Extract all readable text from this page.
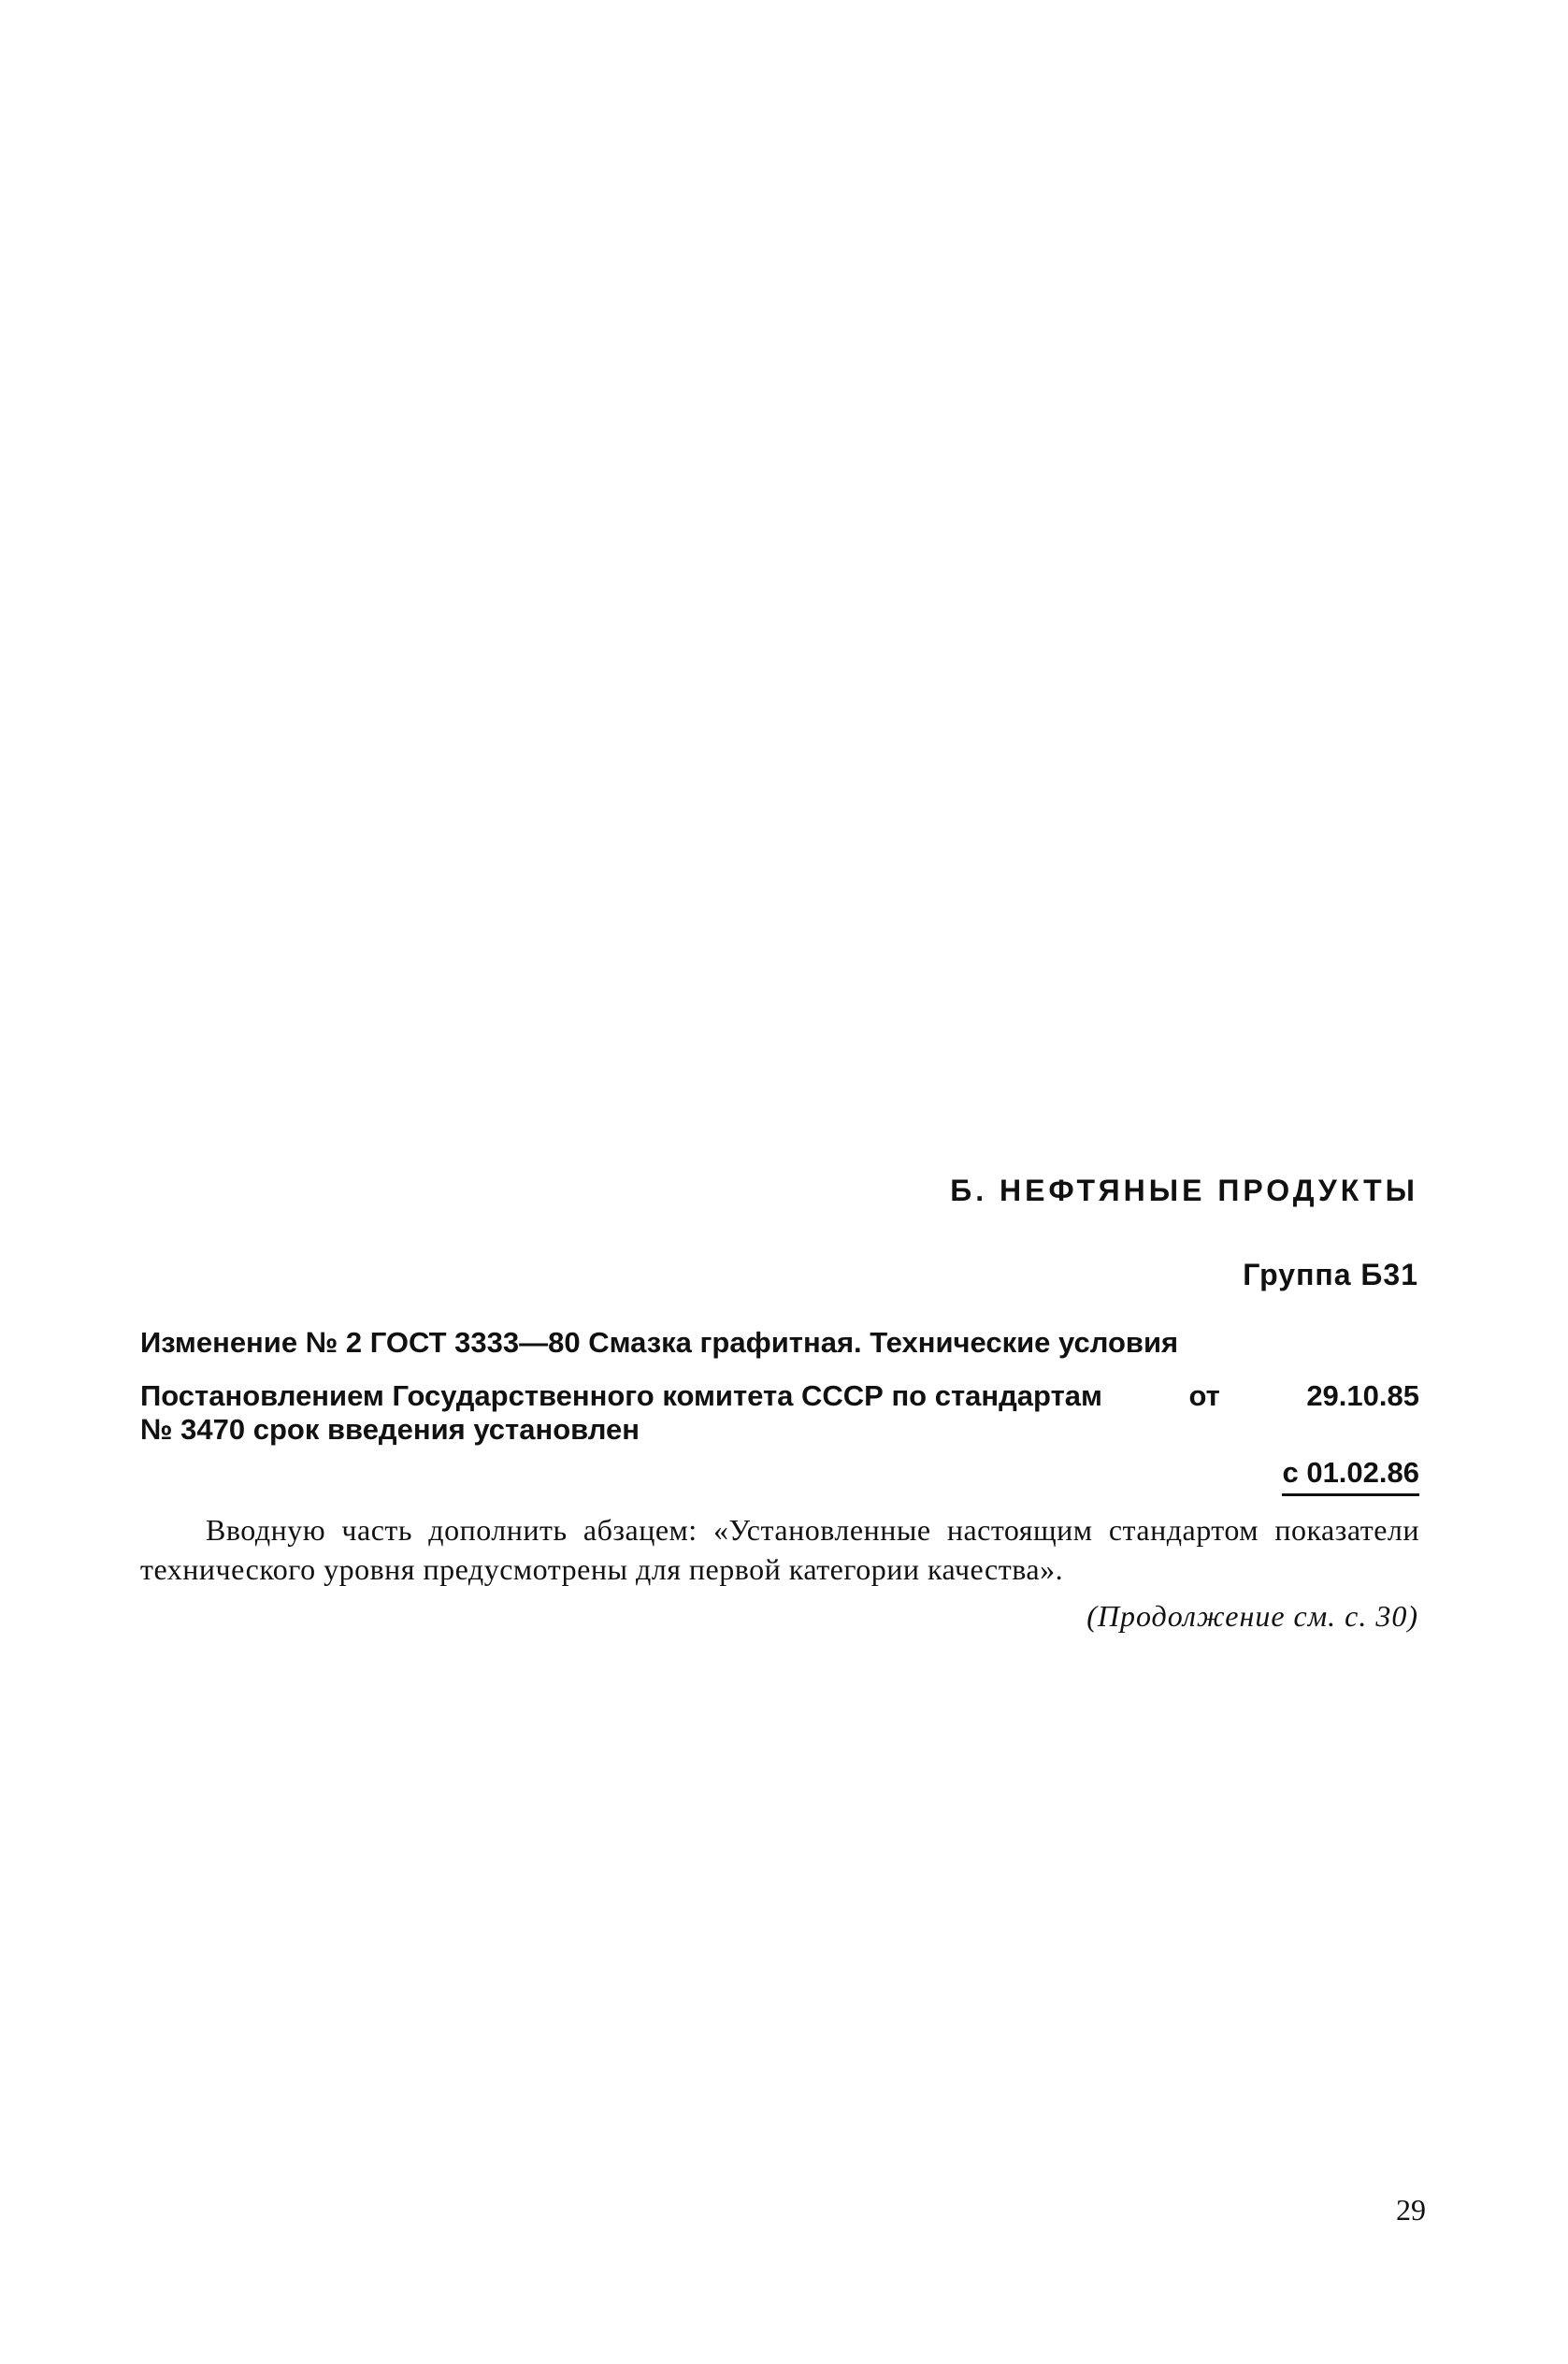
Б. НЕФТЯНЫЕ ПРОДУКТЫ
Группа Б31
Изменение № 2 ГОСТ 3333—80 Смазка графитная. Технические условия
Постановлением Государственного комитета СССР по стандартам	от	29.10.85
№ 3470 срок введения установлен
с 01.02.86
Вводную часть дополнить абзацем: «Установленные настоящим стандартом показатели технического уровня предусмотрены для первой категории качества».
(Продолжение см. с. 30)
29
